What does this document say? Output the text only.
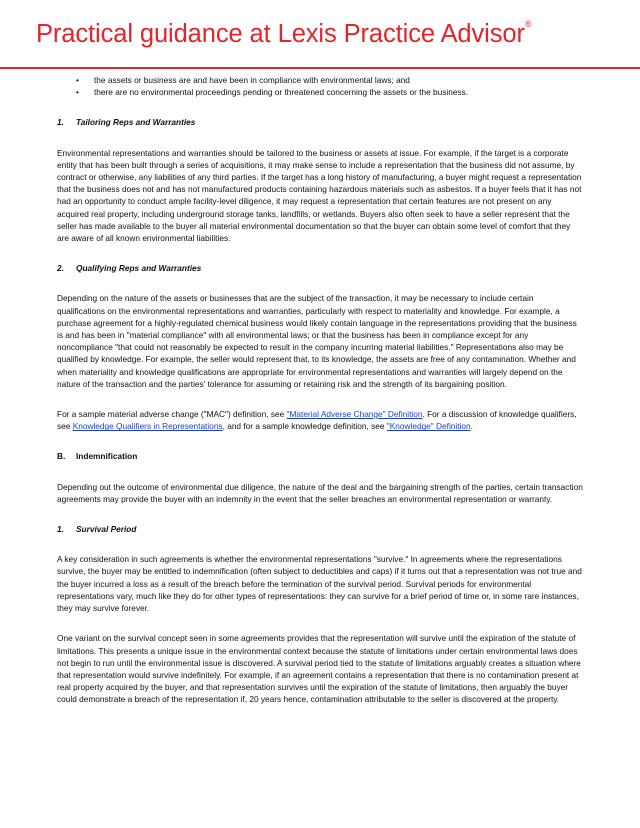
Practical guidance at Lexis Practice Advisor®
• the assets or business are and have been in compliance with environmental laws; and
• there are no environmental proceedings pending or threatened concerning the assets or the business.
1. Tailoring Reps and Warranties
Environmental representations and warranties should be tailored to the business or assets at issue. For example, if the target is a corporate entity that has been built through a series of acquisitions, it may make sense to include a representation that the business did not assume, by contract or otherwise, any liabilities of any third parties. If the target has a long history of manufacturing, a buyer might request a representation that the business does not and has not manufactured products containing hazardous materials such as asbestos. If a buyer feels that it has not had an opportunity to conduct ample facility-level diligence, it may request a representation that certain features are not present on any acquired real property, including underground storage tanks, landfills, or wetlands. Buyers also often seek to have a seller represent that the seller has made available to the buyer all material environmental documentation so that the buyer can obtain some level of comfort that they are aware of all known environmental liabilities.
2. Qualifying Reps and Warranties
Depending on the nature of the assets or businesses that are the subject of the transaction, it may be necessary to include certain qualifications on the environmental representations and warranties, particularly with respect to materiality and knowledge. For example, a purchase agreement for a highly-regulated chemical business would likely contain language in the representations providing that the business is and has been in "material compliance" with all environmental laws; or that the business has been in compliance except for any noncompliance "that could not reasonably be expected to result in the company incurring material liabilities." Representations also may be qualified by knowledge. For example, the seller would represent that, to its knowledge, the assets are free of any contamination. Whether and when materiality and knowledge qualifications are appropriate for environmental representations and warranties will largely depend on the nature of the transaction and the parties' tolerance for assuming or retaining risk and the strength of its bargaining position.
For a sample material adverse change ("MAC") definition, see "Material Adverse Change" Definition. For a discussion of knowledge qualifiers, see Knowledge Qualifiers in Representations, and for a sample knowledge definition, see "Knowledge" Definition.
B. Indemnification
Depending out the outcome of environmental due diligence, the nature of the deal and the bargaining strength of the parties, certain transaction agreements may provide the buyer with an indemnity in the event that the seller breaches an environmental representation or warranty.
1. Survival Period
A key consideration in such agreements is whether the environmental representations "survive." In agreements where the representations survive, the buyer may be entitled to indemnification (often subject to deductibles and caps) if it turns out that a representation was not true and the buyer incurred a loss as a result of the breach before the termination of the survival period. Survival periods for environmental representations vary, much like they do for other types of representations: they can survive for a brief period of time or, in some rare instances, they may survive forever.
One variant on the survival concept seen in some agreements provides that the representation will survive until the expiration of the statute of limitations. This presents a unique issue in the environmental context because the statute of limitations under certain environmental laws does not begin to run until the environmental issue is discovered. A survival period tied to the statute of limitations arguably creates a situation where that representation would survive indefinitely. For example, if an agreement contains a representation that there is no contamination present at real property acquired by the buyer, and that representation survives until the expiration of the statute of limitations, then arguably the buyer could demonstrate a breach of the representation if, 20 years hence, contamination attributable to the seller is discovered at the property.
